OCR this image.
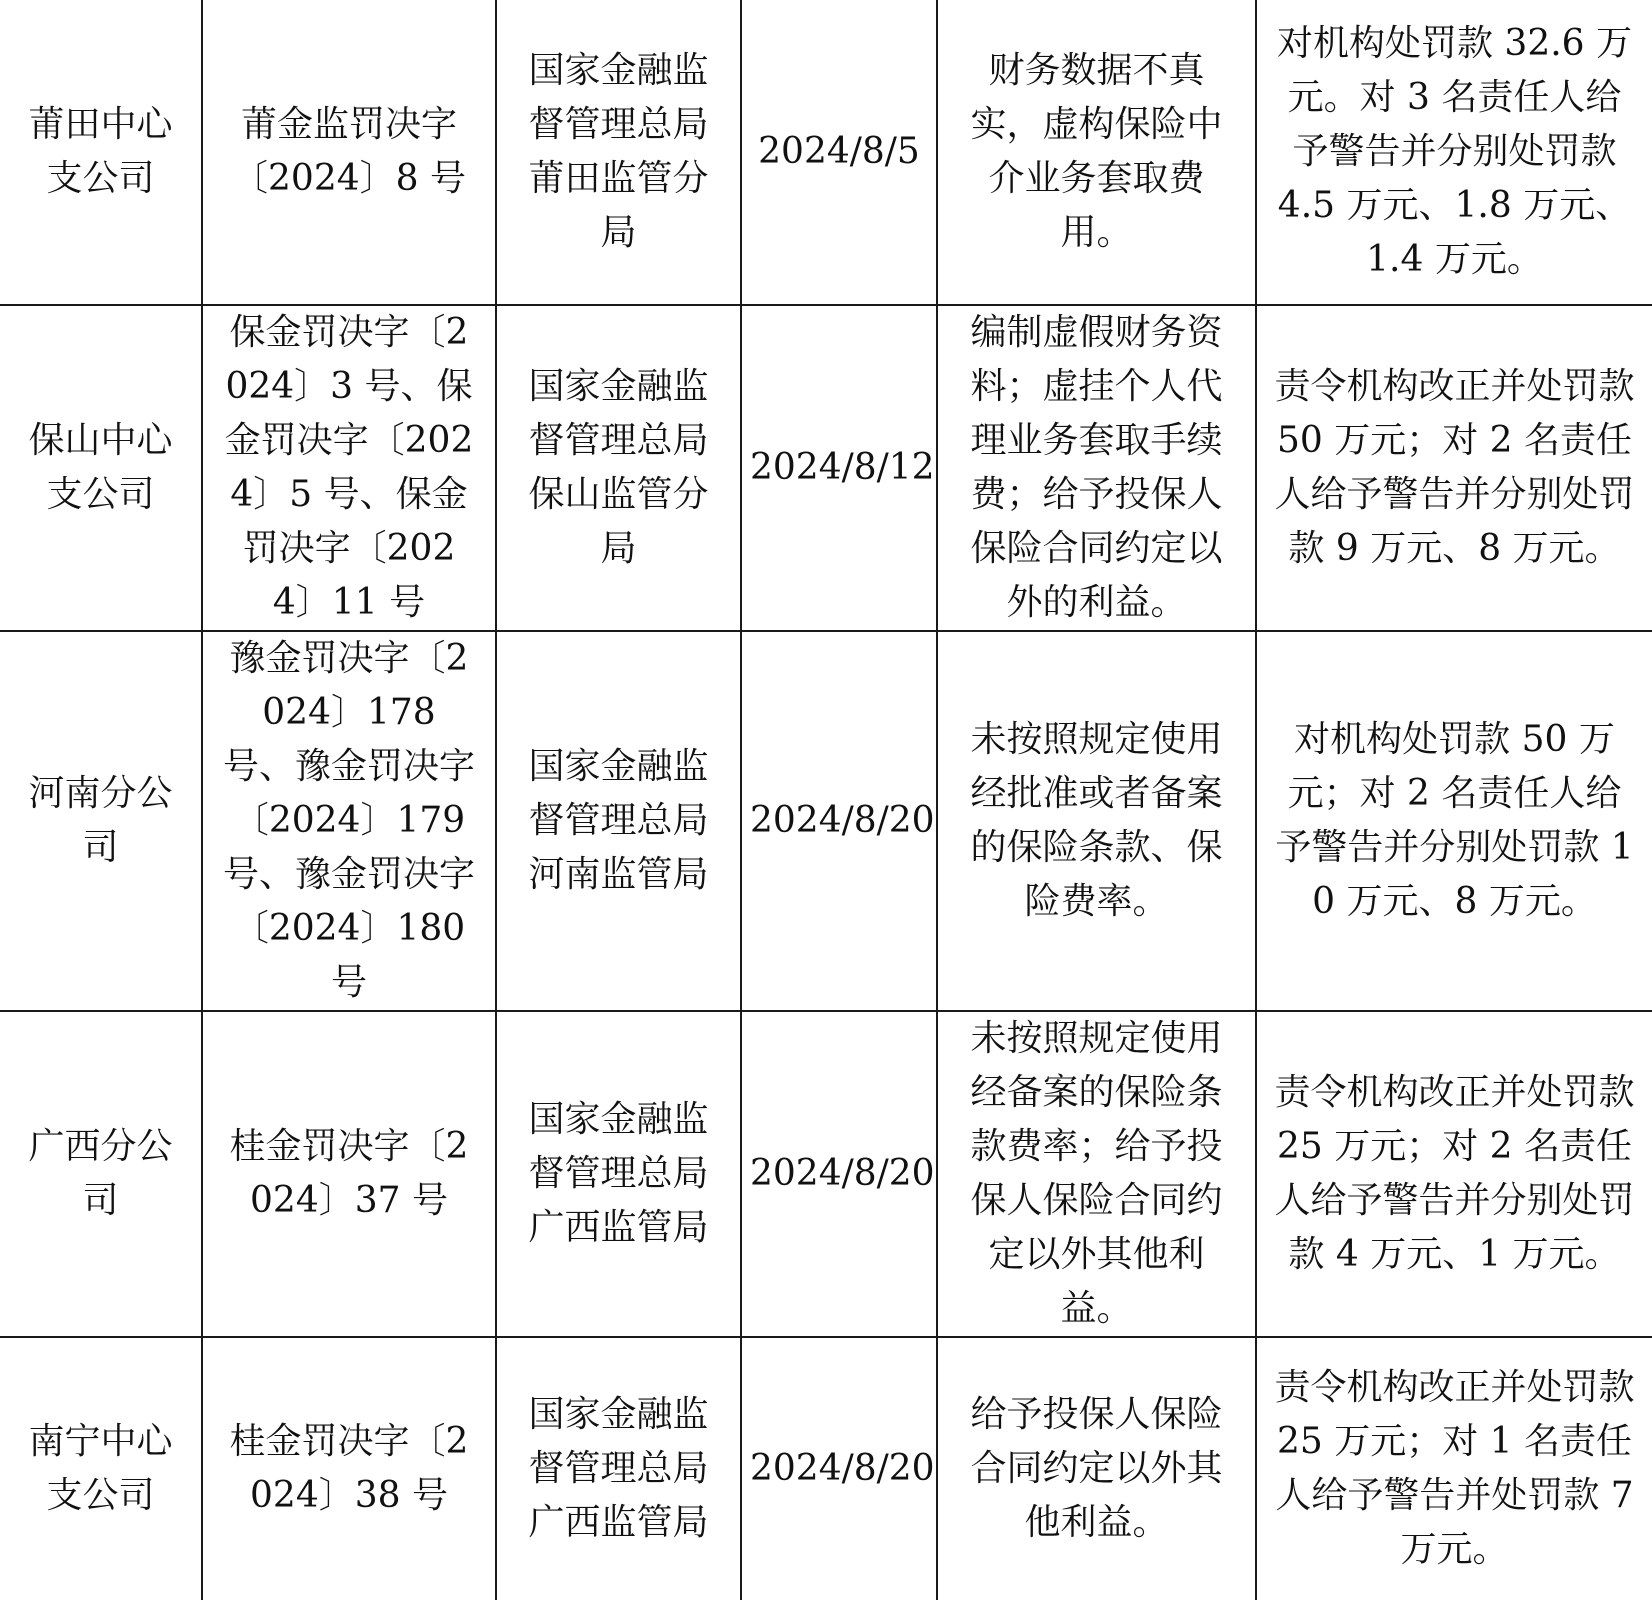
莆田中心支公司	莆金监罚决字〔2024〕8 号	国家金融监督管理总局莆田监管分局	2024/8/5	财务数据不真实，虚构保险中介业务套取费用。	对机构处罚款 32.6 万元。对 3 名责任人给予警告并分别处罚款 4.5 万元、1.8 万元、1.4 万元。
保山中心支公司	保金罚决字〔2024〕3 号、保金罚决字〔2024〕5 号、保金罚决字〔2024〕11 号	国家金融监督管理总局保山监管分局	2024/8/12	编制虚假财务资料；虚挂个人代理业务套取手续费；给予投保人保险合同约定以外的利益。	责令机构改正并处罚款 50 万元；对 2 名责任人给予警告并分别处罚款 9 万元、8 万元。
河南分公司	豫金罚决字〔2024〕178 号、豫金罚决字〔2024〕179 号、豫金罚决字〔2024〕180 号	国家金融监督管理总局河南监管局	2024/8/20	未按照规定使用经批准或者备案的保险条款、保险费率。	对机构处罚款 50 万元；对 2 名责任人给予警告并分别处罚款 10 万元、8 万元。
广西分公司	桂金罚决字〔2024〕37 号	国家金融监督管理总局广西监管局	2024/8/20	未按照规定使用经备案的保险条款费率；给予投保人保险合同约定以外其他利益。	责令机构改正并处罚款 25 万元；对 2 名责任人给予警告并分别处罚款 4 万元、1 万元。
南宁中心支公司	桂金罚决字〔2024〕38 号	国家金融监督管理总局广西监管局	2024/8/20	给予投保人保险合同约定以外其他利益。	责令机构改正并处罚款 25 万元；对 1 名责任人给予警告并处罚款 7 万元。
